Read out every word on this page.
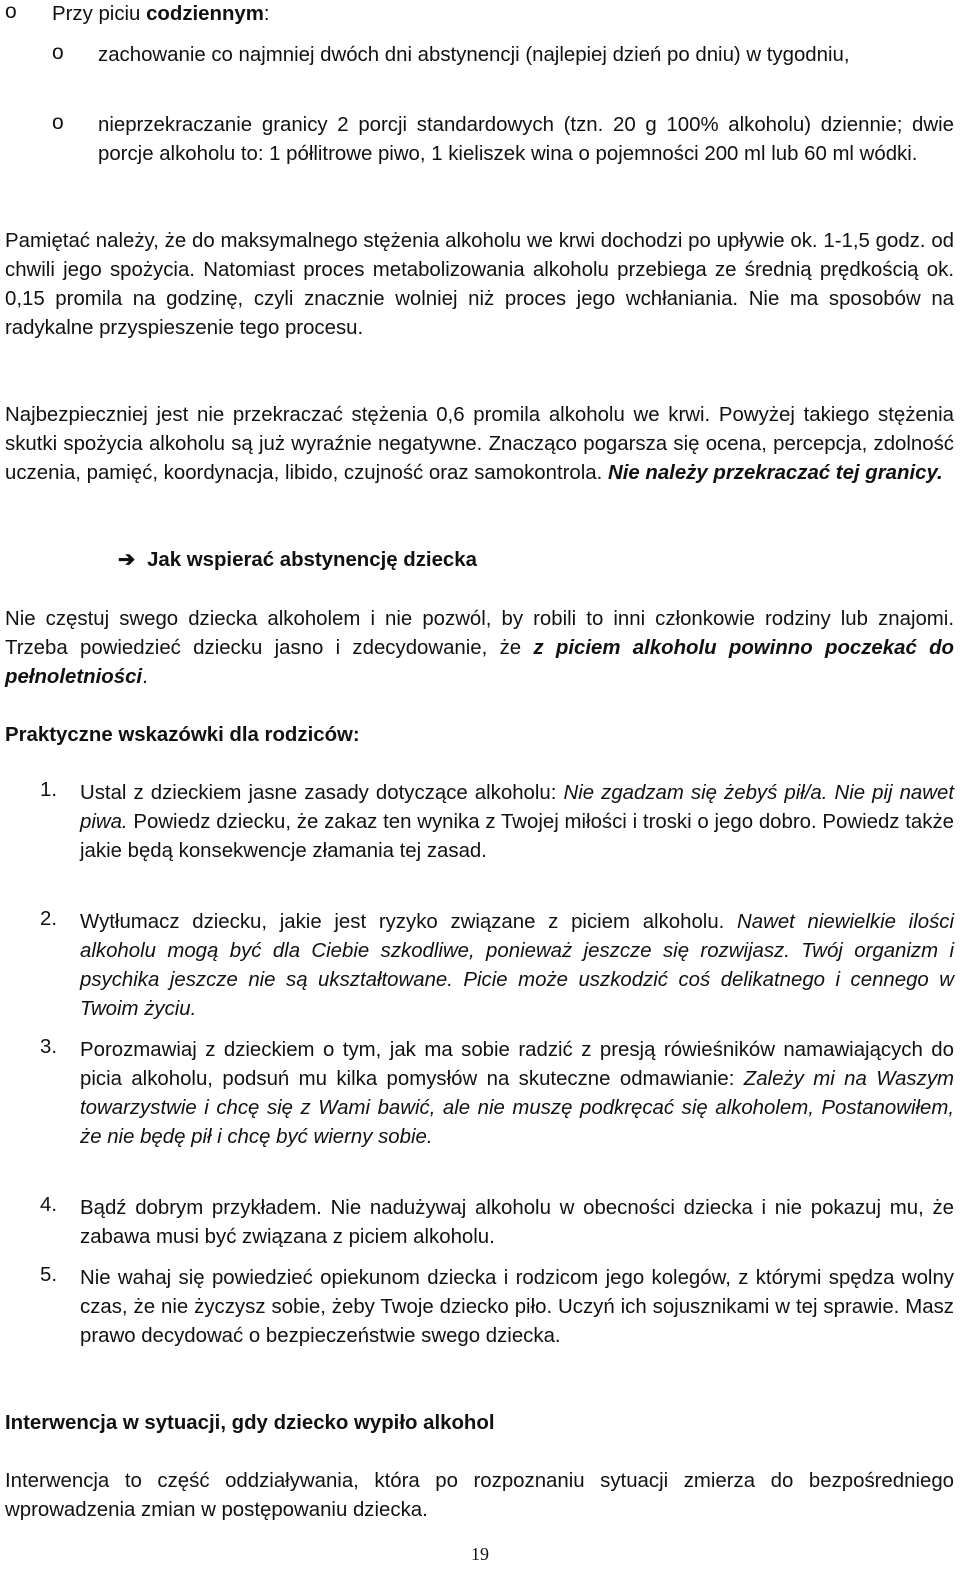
o Przy piciu codziennym:

o zachowanie co najmniej dwóch dni abstynencji (najlepiej dzień po dniu) w tygodniu,

o nieprzekraczanie granicy 2 porcji standardowych (tzn. 20 g 100% alkoholu) dziennie; dwie porcje alkoholu to: 1 półlitrowe piwo, 1 kieliszek wina o pojemności 200 ml lub 60 ml wódki.

Pamiętać należy, że do maksymalnego stężenia alkoholu we krwi dochodzi po upływie ok. 1-1,5 godz. od chwili jego spożycia. Natomiast proces metabolizowania alkoholu przebiega ze średnią prędkością ok. 0,15 promila na godzinę, czyli znacznie wolniej niż proces jego wchłaniania. Nie ma sposobów na radykalne przyspieszenie tego procesu.

Najbezpieczniej jest nie przekraczać stężenia 0,6 promila alkoholu we krwi. Powyżej takiego stężenia skutki spożycia alkoholu są już wyraźnie negatywne. Znacząco pogarsza się ocena, percepcja, zdolność uczenia, pamięć, koordynacja, libido, czujność oraz samokontrola. Nie należy przekraczać tej granicy.

➔ Jak wspierać abstynencję dziecka

Nie częstuj swego dziecka alkoholem i nie pozwól, by robili to inni członkowie rodziny lub znajomi. Trzeba powiedzieć dziecku jasno i zdecydowanie, że z piciem alkoholu powinno poczekać do pełnoletniości.

Praktyczne wskazówki dla rodziców:

1. Ustal z dzieckiem jasne zasady dotyczące alkoholu: Nie zgadzam się żebyś pił/a. Nie pij nawet piwa. Powiedz dziecku, że zakaz ten wynika z Twojej miłości i troski o jego dobro. Powiedz także jakie będą konsekwencje złamania tej zasad.

2. Wytłumacz dziecku, jakie jest ryzyko związane z piciem alkoholu. Nawet niewielkie ilości alkoholu mogą być dla Ciebie szkodliwe, ponieważ jeszcze się rozwijasz. Twój organizm i psychika jeszcze nie są ukształtowane. Picie może uszkodzić coś delikatnego i cennego w Twoim życiu.

3. Porozmawiaj z dzieckiem o tym, jak ma sobie radzić z presją rówieśników namawiających do picia alkoholu, podsuń mu kilka pomysłów na skuteczne odmawianie: Zależy mi na Waszym towarzystwie i chcę się z Wami bawić, ale nie muszę podkręcać się alkoholem, Postanowiłem, że nie będę pił i chcę być wierny sobie.

4. Bądź dobrym przykładem. Nie nadużywaj alkoholu w obecności dziecka i nie pokazuj mu, że zabawa musi być związana z piciem alkoholu.

5. Nie wahaj się powiedzieć opiekunom dziecka i rodzicom jego kolegów, z którymi spędza wolny czas, że nie życzysz sobie, żeby Twoje dziecko piło. Uczyń ich sojusznikami w tej sprawie. Masz prawo decydować o bezpieczeństwie swego dziecka.

Interwencja w sytuacji, gdy dziecko wypiło alkohol

Interwencja to część oddziaływania, która po rozpoznaniu sytuacji zmierza do bezpośredniego wprowadzenia zmian w postępowaniu dziecka.

19
